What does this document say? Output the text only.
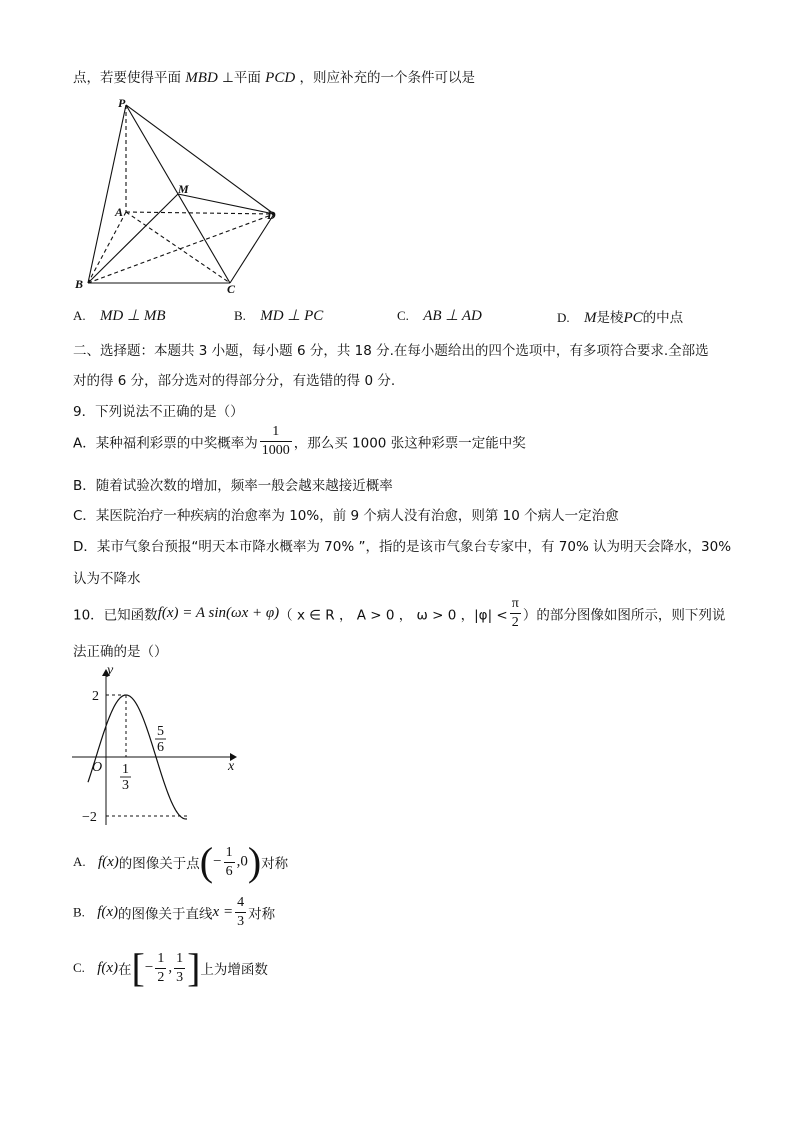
点，若要使得平面 MBD ⊥平面 PCD ，则应补充的一个条件可以是
P
M
A	D
B	C
A. MD ⊥ MB	B. MD ⊥ PC	C. AB ⊥ AD	D. M是棱PC的中点
二、选择题：本题共 3 小题，每小题 6 分，共 18 分.在每小题给出的四个选项中，有多项符合要求.全部选
对的得 6 分，部分选对的得部分分，有选错的得 0 分.
9．下列说法不正确的是（）
A．某种福利彩票的中奖概率为 $\frac{1}{1000}$ ，那么买 1000 张这种彩票一定能中奖
B．随着试验次数的增加，频率一般会越来越接近概率
C．某医院治疗一种疾病的治愈率为 10%，前 9 个病人没有治愈，则第 10 个病人一定治愈
D．某市气象台预报“明天本市降水概率为 70% ”，指的是该市气象台专家中，有 70% 认为明天会降水，30%
认为不降水
10．已知函数f(x) = A sin(ωx + φ)（ x ∈ R ， A > 0 ， ω > 0 ，$|\varphi| < \frac{\pi}{2}$ ）的部分图像如图所示，则下列说
法正确的是（）
y
x
O
2
−2
1
3
5
6
A. f(x)的图像关于点(− $\frac{1}{6} ,0$)对称
B. f(x)的图像关于直线$x = \frac{4}{3}$ 对称
C. f(x)在[− $\frac{1}{2}$ , $\frac{1}{3}$ ]上为增函数
